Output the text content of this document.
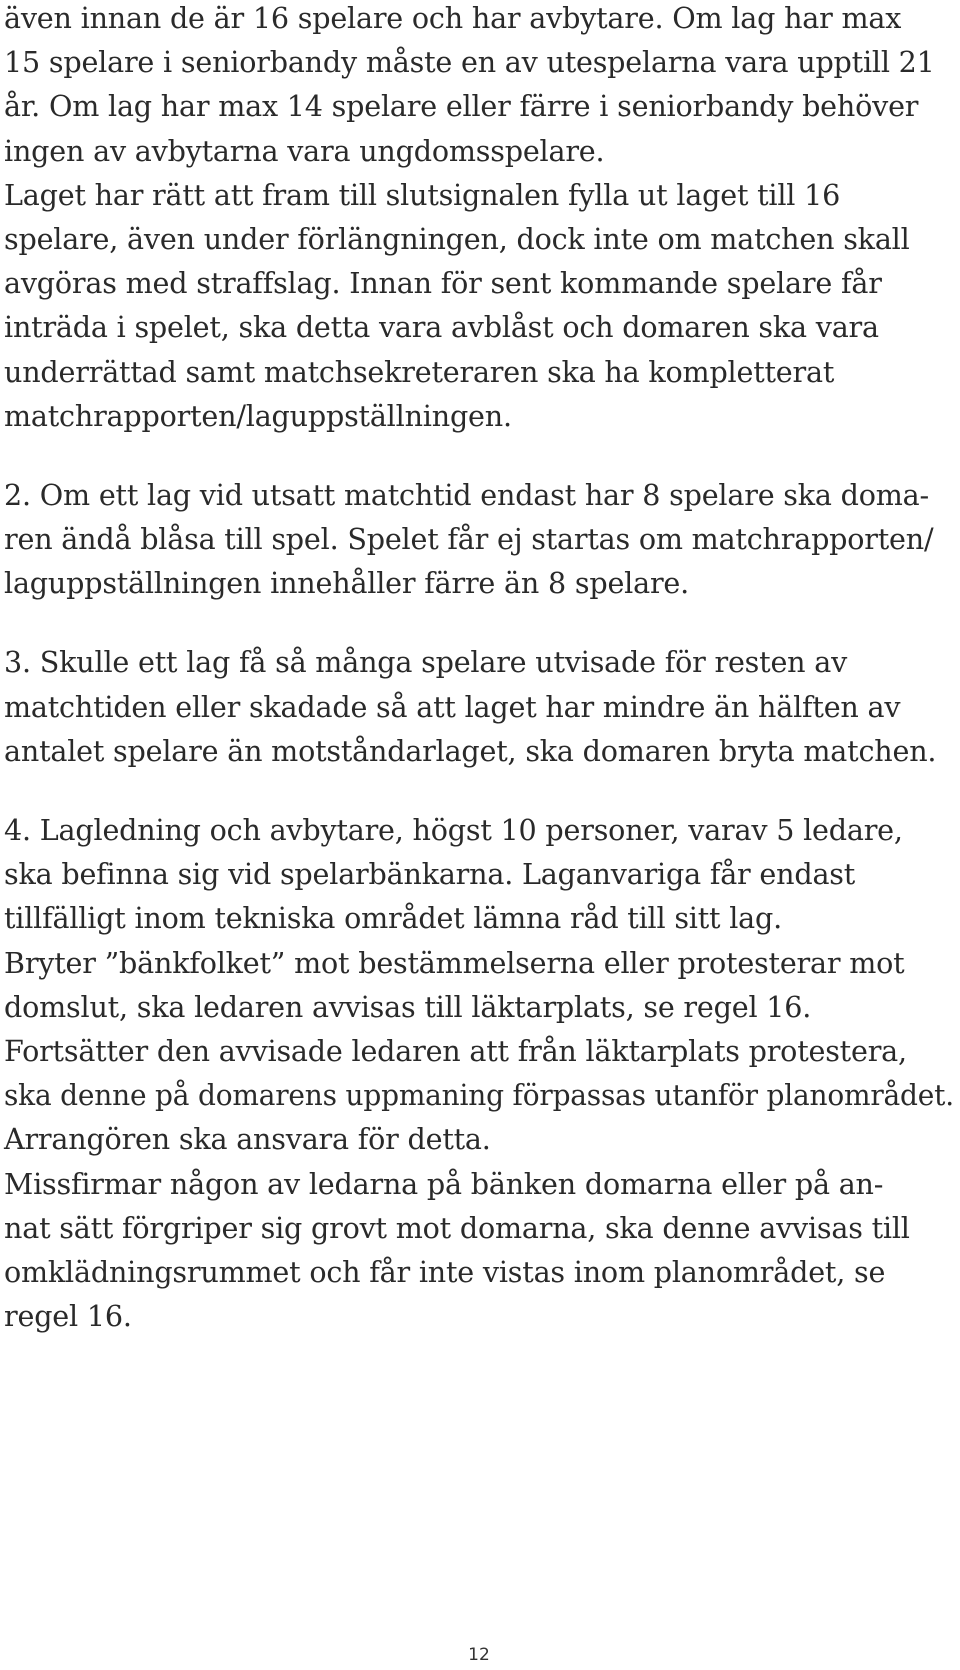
även innan de är 16 spelare och har avbytare. Om lag har max
15 spelare i seniorbandy måste en av utespelarna vara upptill 21
år. Om lag har max 14 spelare eller färre i seniorbandy behöver
ingen av avbytarna vara ungdomsspelare.
Laget har rätt att fram till slutsignalen fylla ut laget till 16
spelare, även under förlängningen, dock inte om matchen skall
avgöras med straffslag. Innan för sent kommande spelare får
inträda i spelet, ska detta vara avblåst och domaren ska vara
underrättad samt matchsekreteraren ska ha kompletterat
matchrapporten/laguppställningen.
2. Om ett lag vid utsatt matchtid endast har 8 spelare ska doma-
ren ändå blåsa till spel. Spelet får ej startas om matchrapporten/
laguppställningen innehåller färre än 8 spelare.
3. Skulle ett lag få så många spelare utvisade för resten av
matchtiden eller skadade så att laget har mindre än hälften av
antalet spelare än motståndarlaget, ska domaren bryta matchen.
4. Lagledning och avbytare, högst 10 personer, varav 5 ledare,
ska befinna sig vid spelarbänkarna. Laganvariga får endast
tillfälligt inom tekniska området lämna råd till sitt lag.
Bryter ”bänkfolket” mot bestämmelserna eller protesterar mot
domslut, ska ledaren avvisas till läktarplats, se regel 16.
Fortsätter den avvisade ledaren att från läktarplats protestera,
ska denne på domarens uppmaning förpassas utanför planområdet.
Arrangören ska ansvara för detta.
Missfirmar någon av ledarna på bänken domarna eller på an-
nat sätt förgriper sig grovt mot domarna, ska denne avvisas till
omklädningsrummet och får inte vistas inom planområdet, se
regel 16.
12
